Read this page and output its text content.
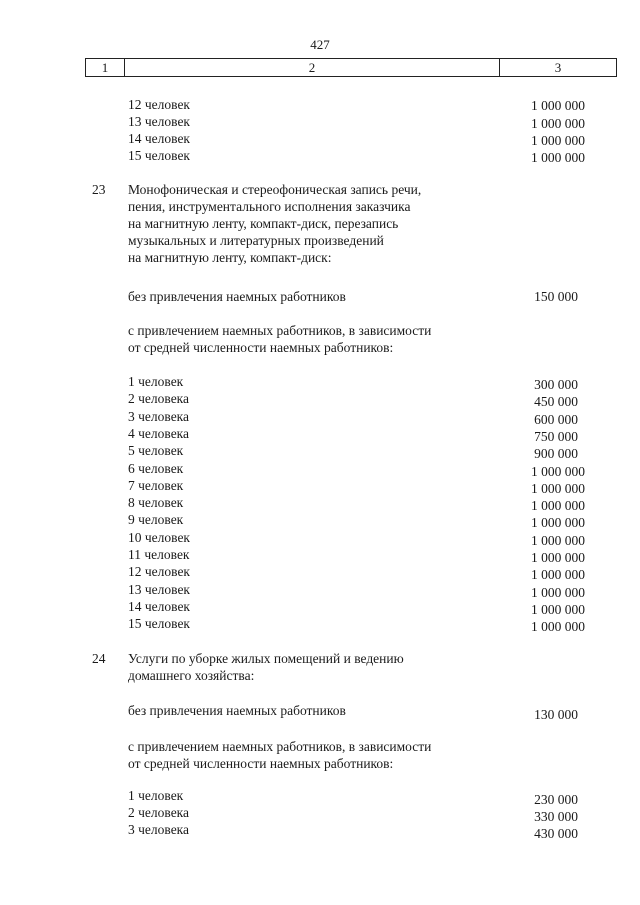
427
1	2	3
12 человек	1 000 000
13 человек	1 000 000
14 человек	1 000 000
15 человек	1 000 000
23 Монофоническая и стереофоническая запись речи,
пения, инструментального исполнения заказчика
на магнитную ленту, компакт-диск, перезапись
музыкальных и литературных произведений
на магнитную ленту, компакт-диск:
без привлечения наемных работников	150 000
с привлечением наемных работников, в зависимости
от средней численности наемных работников:
1 человек	300 000
2 человека	450 000
3 человека	600 000
4 человека	750 000
5 человек	900 000
6 человек	1 000 000
7 человек	1 000 000
8 человек	1 000 000
9 человек	1 000 000
10 человек	1 000 000
11 человек	1 000 000
12 человек	1 000 000
13 человек	1 000 000
14 человек	1 000 000
15 человек	1 000 000
24 Услуги по уборке жилых помещений и ведению
домашнего хозяйства:
без привлечения наемных работников	130 000
с привлечением наемных работников, в зависимости
от средней численности наемных работников:
1 человек	230 000
2 человека	330 000
3 человека	430 000
